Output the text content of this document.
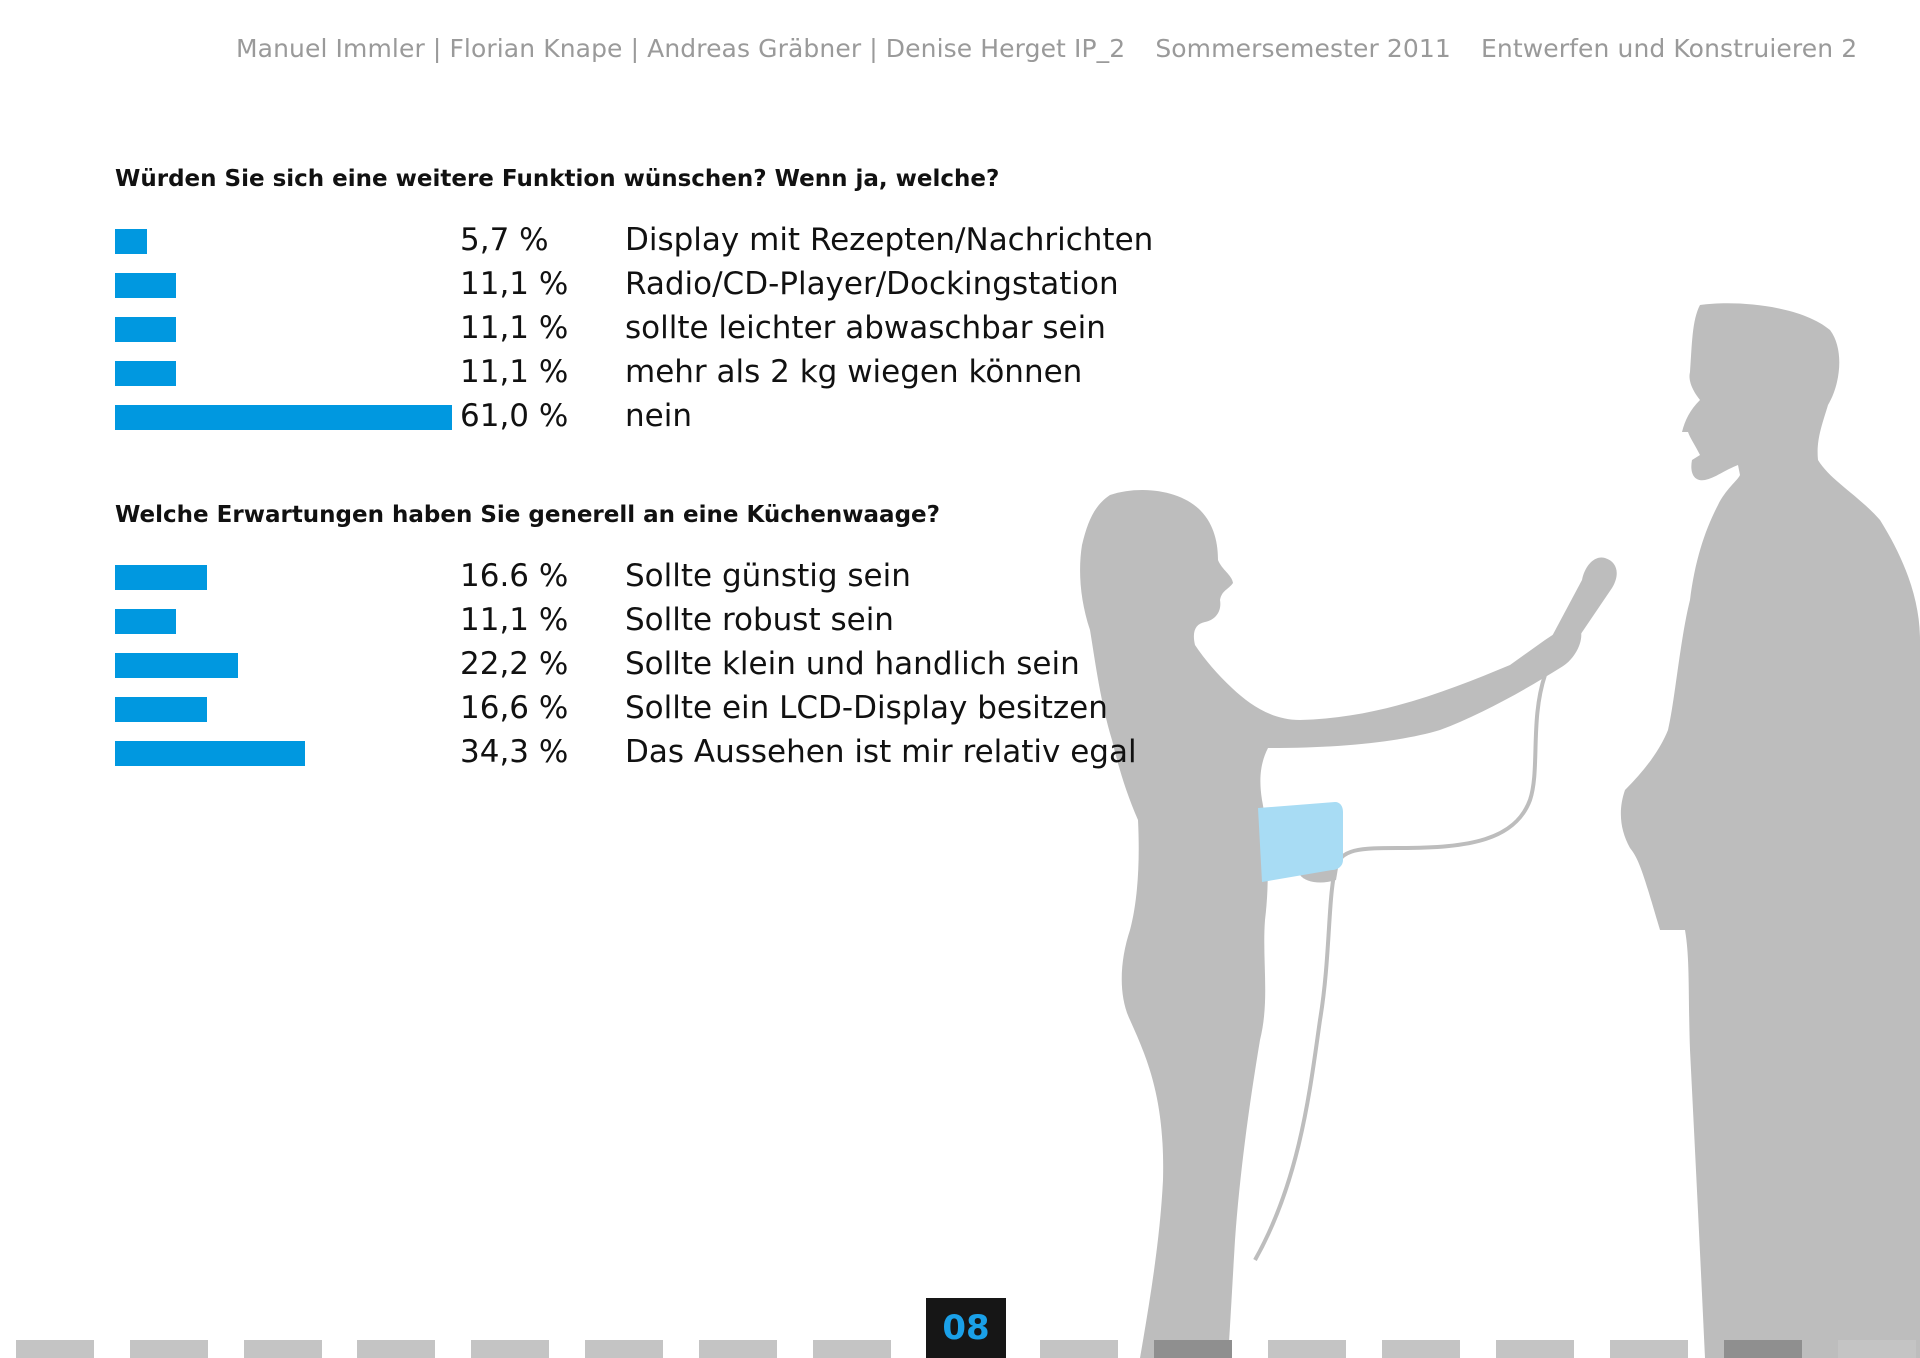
Manuel Immler | Florian Knape | Andreas Gräbner | Denise Herget IP_2 Sommersemester 2011 Entwerfen und Konstruieren 2
Würden Sie sich eine weitere Funktion wünschen? Wenn ja, welche?
Welche Erwartungen haben Sie generell an eine Küchenwaage?
5,7 % Display mit Rezepten/Nachrichten
11,1 % Radio/CD-Player/Dockingstation
11,1 % sollte leichter abwaschbar sein
11,1 % mehr als 2 kg wiegen können
61,0 % nein
16.6 % Sollte günstig sein
11,1 % Sollte robust sein
22,2 % Sollte klein und handlich sein
16,6 % Sollte ein LCD-Display besitzen
34,3 % Das Aussehen ist mir relativ egal
08
